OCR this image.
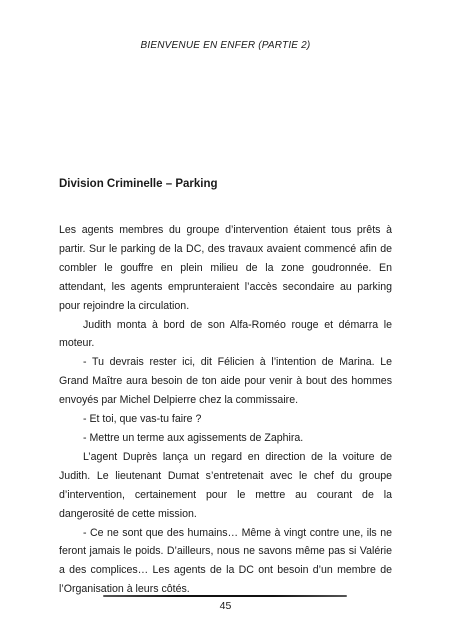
BIENVENUE EN ENFER (PARTIE 2)
Division Criminelle – Parking

Les agents membres du groupe d’intervention étaient tous prêts à partir. Sur le parking de la DC, des travaux avaient commencé afin de combler le gouffre en plein milieu de la zone goudronnée. En attendant, les agents emprunteraient l’accès secondaire au parking pour rejoindre la circulation.

Judith monta à bord de son Alfa-Roméo rouge et démarra le moteur.

- Tu devrais rester ici, dit Félicien à l’intention de Marina. Le Grand Maître aura besoin de ton aide pour venir à bout des hommes envoyés par Michel Delpierre chez la commissaire.

- Et toi, que vas-tu faire ?

- Mettre un terme aux agissements de Zaphira.

L’agent Duprès lança un regard en direction de la voiture de Judith. Le lieutenant Dumat s’entretenait avec le chef du groupe d’intervention, certainement pour le mettre au courant de la dangerosité de cette mission.

- Ce ne sont que des humains… Même à vingt contre une, ils ne feront jamais le poids. D’ailleurs, nous ne savons même pas si Valérie a des complices… Les agents de la DC ont besoin d’un membre de l’Organisation à leurs côtés.

45
